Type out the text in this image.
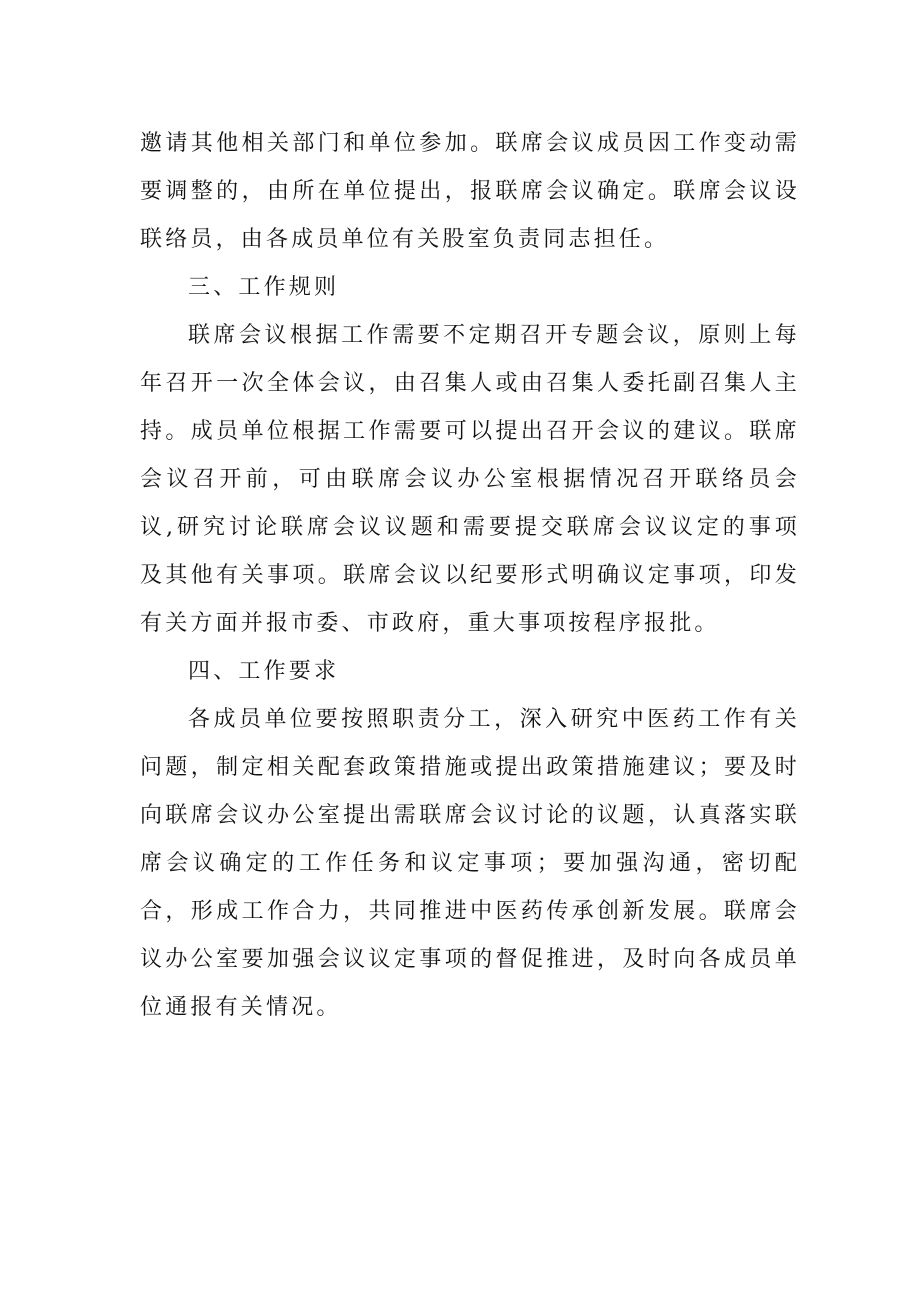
邀请其他相关部门和单位参加。联席会议成员因工作变动需要调整的，由所在单位提出，报联席会议确定。联席会议设联络员，由各成员单位有关股室负责同志担任。

三、工作规则

联席会议根据工作需要不定期召开专题会议，原则上每年召开一次全体会议，由召集人或由召集人委托副召集人主持。成员单位根据工作需要可以提出召开会议的建议。联席会议召开前，可由联席会议办公室根据情况召开联络员会议,研究讨论联席会议议题和需要提交联席会议议定的事项及其他有关事项。联席会议以纪要形式明确议定事项，印发有关方面并报市委、市政府，重大事项按程序报批。

四、工作要求

各成员单位要按照职责分工，深入研究中医药工作有关问题，制定相关配套政策措施或提出政策措施建议；要及时向联席会议办公室提出需联席会议讨论的议题，认真落实联席会议确定的工作任务和议定事项；要加强沟通，密切配合，形成工作合力，共同推进中医药传承创新发展。联席会议办公室要加强会议议定事项的督促推进，及时向各成员单位通报有关情况。
